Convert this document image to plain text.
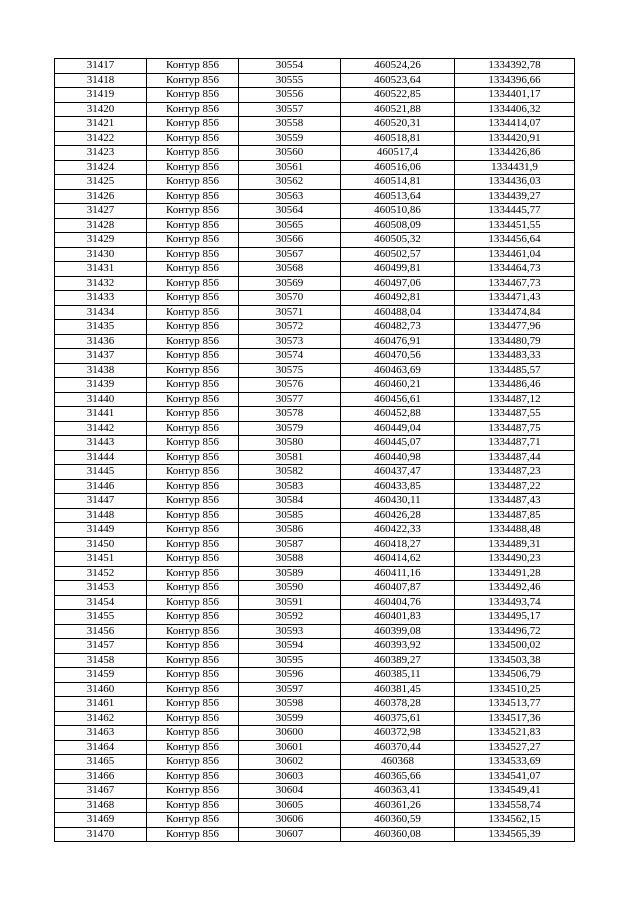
31417	Контур 856	30554	460524,26	1334392,78
31418	Контур 856	30555	460523,64	1334396,66
31419	Контур 856	30556	460522,85	1334401,17
31420	Контур 856	30557	460521,88	1334406,32
31421	Контур 856	30558	460520,31	1334414,07
31422	Контур 856	30559	460518,81	1334420,91
31423	Контур 856	30560	460517,4	1334426,86
31424	Контур 856	30561	460516,06	1334431,9
31425	Контур 856	30562	460514,81	1334436,03
31426	Контур 856	30563	460513,64	1334439,27
31427	Контур 856	30564	460510,86	1334445,77
31428	Контур 856	30565	460508,09	1334451,55
31429	Контур 856	30566	460505,32	1334456,64
31430	Контур 856	30567	460502,57	1334461,04
31431	Контур 856	30568	460499,81	1334464,73
31432	Контур 856	30569	460497,06	1334467,73
31433	Контур 856	30570	460492,81	1334471,43
31434	Контур 856	30571	460488,04	1334474,84
31435	Контур 856	30572	460482,73	1334477,96
31436	Контур 856	30573	460476,91	1334480,79
31437	Контур 856	30574	460470,56	1334483,33
31438	Контур 856	30575	460463,69	1334485,57
31439	Контур 856	30576	460460,21	1334486,46
31440	Контур 856	30577	460456,61	1334487,12
31441	Контур 856	30578	460452,88	1334487,55
31442	Контур 856	30579	460449,04	1334487,75
31443	Контур 856	30580	460445,07	1334487,71
31444	Контур 856	30581	460440,98	1334487,44
31445	Контур 856	30582	460437,47	1334487,23
31446	Контур 856	30583	460433,85	1334487,22
31447	Контур 856	30584	460430,11	1334487,43
31448	Контур 856	30585	460426,28	1334487,85
31449	Контур 856	30586	460422,33	1334488,48
31450	Контур 856	30587	460418,27	1334489,31
31451	Контур 856	30588	460414,62	1334490,23
31452	Контур 856	30589	460411,16	1334491,28
31453	Контур 856	30590	460407,87	1334492,46
31454	Контур 856	30591	460404,76	1334493,74
31455	Контур 856	30592	460401,83	1334495,17
31456	Контур 856	30593	460399,08	1334496,72
31457	Контур 856	30594	460393,92	1334500,02
31458	Контур 856	30595	460389,27	1334503,38
31459	Контур 856	30596	460385,11	1334506,79
31460	Контур 856	30597	460381,45	1334510,25
31461	Контур 856	30598	460378,28	1334513,77
31462	Контур 856	30599	460375,61	1334517,36
31463	Контур 856	30600	460372,98	1334521,83
31464	Контур 856	30601	460370,44	1334527,27
31465	Контур 856	30602	460368	1334533,69
31466	Контур 856	30603	460365,66	1334541,07
31467	Контур 856	30604	460363,41	1334549,41
31468	Контур 856	30605	460361,26	1334558,74
31469	Контур 856	30606	460360,59	1334562,15
31470	Контур 856	30607	460360,08	1334565,39
